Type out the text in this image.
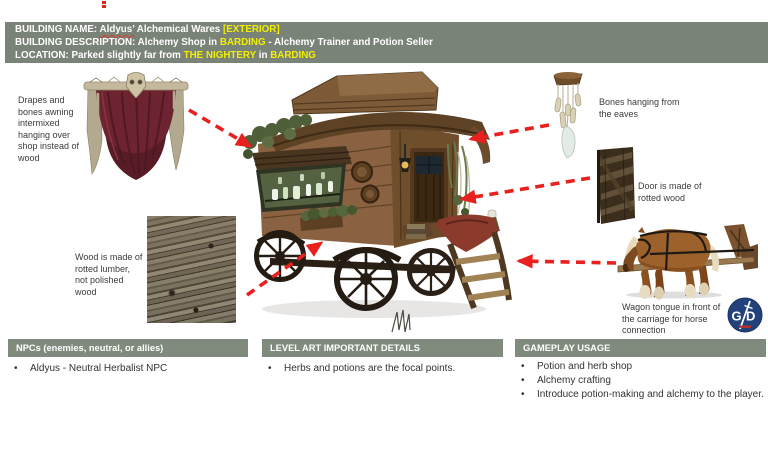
BUILDING NAME: Aldyus’ Alchemical Wares [EXTERIOR]
BUILDING DESCRIPTION: Alchemy Shop in BARDING - Alchemy Trainer and Potion Seller
LOCATION: Parked slightly far from THE NIGHTERY in BARDING
Drapes and bones awning intermixed hanging over shop instead of wood
Wood is made of rotted lumber, not polished wood
Bones hanging from the eaves
Door is made of rotted wood
Wagon tongue in front of the carriage for horse connection
G D
NPCs (enemies, neutral, or allies)
• Aldyus - Neutral Herbalist NPC
LEVEL ART IMPORTANT DETAILS
• Herbs and potions are the focal points.
GAMEPLAY USAGE
• Potion and herb shop
• Alchemy crafting
• Introduce potion-making and alchemy to the player.
